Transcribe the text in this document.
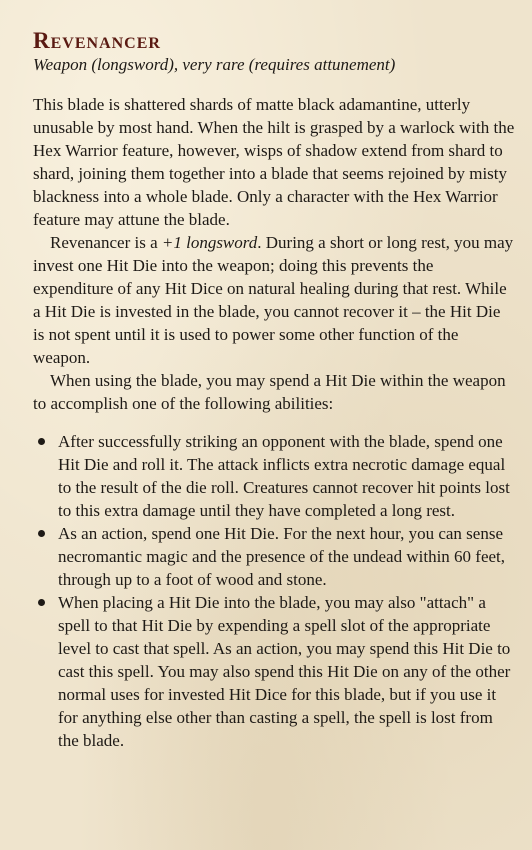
Revenancer

Weapon (longsword), very rare (requires attunement)

This blade is shattered shards of matte black adamantine, utterly unusable by most hand. When the hilt is grasped by a warlock with the Hex Warrior feature, however, wisps of shadow extend from shard to shard, joining them together into a blade that seems rejoined by misty blackness into a whole blade. Only a character with the Hex Warrior feature may attune the blade.

Revenancer is a +1 longsword. During a short or long rest, you may invest one Hit Die into the weapon; doing this prevents the expenditure of any Hit Dice on natural healing during that rest. While a Hit Die is invested in the blade, you cannot recover it – the Hit Die is not spent until it is used to power some other function of the weapon.

When using the blade, you may spend a Hit Die within the weapon to accomplish one of the following abilities:

After successfully striking an opponent with the blade, spend one Hit Die and roll it. The attack inflicts extra necrotic damage equal to the result of the die roll. Creatures cannot recover hit points lost to this extra damage until they have completed a long rest.
As an action, spend one Hit Die. For the next hour, you can sense necromantic magic and the presence of the undead within 60 feet, through up to a foot of wood and stone.
When placing a Hit Die into the blade, you may also "attach" a spell to that Hit Die by expending a spell slot of the appropriate level to cast that spell. As an action, you may spend this Hit Die to cast this spell. You may also spend this Hit Die on any of the other normal uses for invested Hit Dice for this blade, but if you use it for anything else other than casting a spell, the spell is lost from the blade.
